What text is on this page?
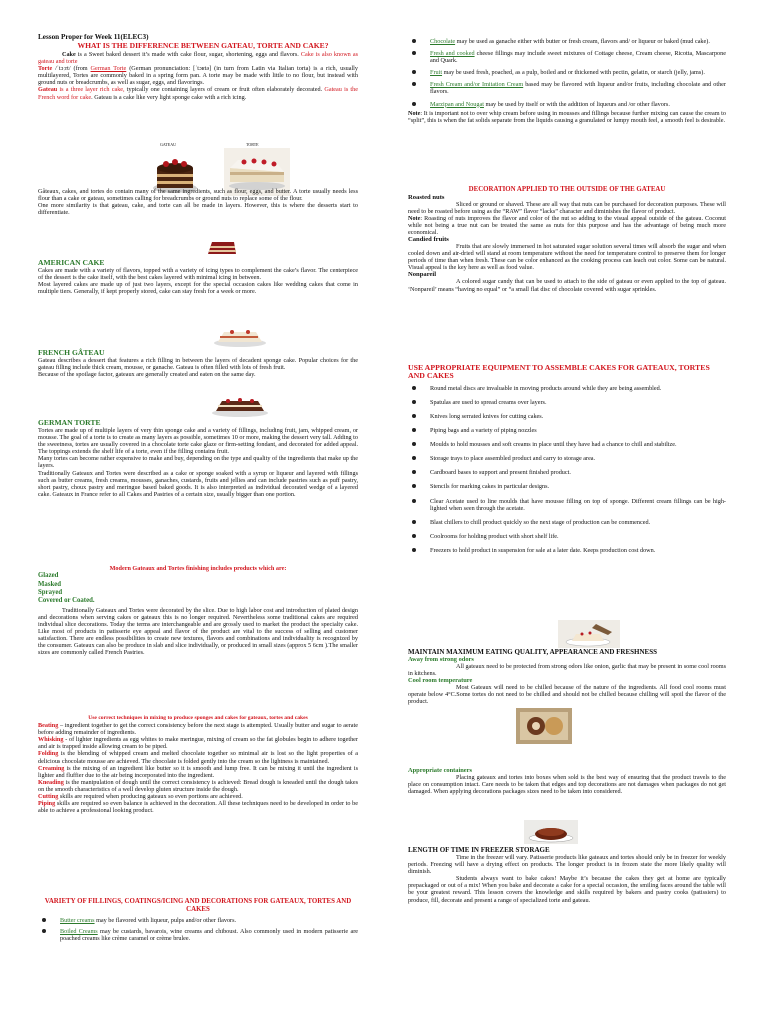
Lesson Proper for Week 11(ELEC3)
WHAT IS THE DIFFERENCE BETWEEN GATEAU, TORTE AND CAKE?

Cake is a Sweet baked dessert it’s made with cake flour, sugar, shortening, eggs and flavors. Cake is also known as gateau and torte

Torte /ˈtɔːrt/ (from German Torte (German pronunciation: [ˈtɔʁtə] (in turn from Latin via Italian torta) is a rich, usually multilayered, Tortes are commonly baked in a spring form pan. A torte may be made with little to no flour, but instead with ground nuts or breadcrumbs, as well as sugar, eggs, and flavorings.

Gateau is a three layer rich cake, typically one containing layers of cream or fruit often elaborately decorated. Gateau is the French word for cake. Gateau is a cake like very light sponge cake with a rich icing.

GATEAU	TORTE

Gâteaux, cakes, and tortes do contain many of the same ingredients, such as flour, eggs, and butter. A torte usually needs less flour than a cake or gateau, sometimes calling for breadcrumbs or ground nuts to replace some of the flour.
One more similarity is that gateau, cake, and torte can all be made in layers. However, this is where the desserts start to differentiate.

AMERICAN CAKE

Cakes are made with a variety of flavors, topped with a variety of icing types to complement the cake’s flavor. The centerpiece of the dessert is the cake itself, with the best cakes layered with minimal icing in between.
Most layered cakes are made up of just two layers, except for the special occasion cakes like wedding cakes that come in multiple tiers. Generally, if kept properly stored, cake can stay fresh for a week or more.

FRENCH GÂTEAU

Gateau describes a dessert that features a rich filling in between the layers of decadent sponge cake. Popular choices for the gateau filling include thick cream, mousse, or ganache. Gateau is often filled with lots of fresh fruit.
Because of the spoilage factor, gateaux are generally created and eaten on the same day.

GERMAN TORTE

Tortes are made up of multiple layers of very thin sponge cake and a variety of fillings, including fruit, jam, whipped cream, or mousse. The goal of a torte is to create as many layers as possible, sometimes 10 or more, making the dessert very tall. Adding to the sweetness, tortes are usually covered in a chocolate torte cake glaze or firm-setting fondant, and decorated for added appeal. The toppings extends the shelf life of a torte, even if the filling contains fruit.
Many tortes can become rather expensive to make and buy, depending on the type and quality of the ingredients that make up the layers.
Traditionally Gateaux and Tortes were described as a cake or sponge soaked with a syrup or liqueur and layered with fillings such as butter creams, fresh creams, mousses, ganaches, custards, fruits and jellies and can include pastries such as puff pastry, short pastry, choux pastry and meringue based baked goods. It is also interpreted as individual decorated wedge of a layered cake. Gateaux in France refer to all Cakes and Pastries of a certain size, usually bigger than one portion.

Modern Gateaux and Tortes finishing includes products which are:

Glazed

Masked

Sprayed

Covered or Coated.

Traditionally Gateaux and Tortes were decorated by the slice. Due to high labor cost and introduction of plated design and decorations when serving cakes or gateaux this is no longer required. Nevertheless some traditional cakes are required individual slice decorations. Today the terms are interchangeable and are grossly used to market the product the specialty cake. Like most of products in patisserie eye appeal and flavor of the product are vital to the success of selling and customer satisfaction. There are endless possibilities to create new textures, flavors and combinations and individuality is recognized by the consumer. Gateaux can also be produce in slab and slice individually, or produced in small sizes (approx 5 6cm ).The smaller sizes are commonly called French Pastries.

Use correct techniques in mixing to produce sponges and cakes for gateaux, tortes and cakes

Beating – ingredient together to get the correct consistency before the next stage is attempted. Usually butter and sugar to aerate before adding remainder of ingredients.

Whisking - of lighter ingredients as egg whites to make meringue, mixing of cream so the fat globules begin to adhere together and air is trapped inside allowing cream to be piped.

Folding is the blending of whipped cream and melted chocolate together so minimal air is lost so the light properties of a delicious chocolate mousse are achieved. The chocolate is folded gently into the cream so the lightness is maintained.

Creaming is the mixing of an ingredient like butter so it is smooth and lump free. It can be mixing it until the ingredient is lighter and fluffier due to the air being incorporated into the ingredient.

Kneading is the manipulation of dough until the correct consistency is achieved: Bread dough is kneaded until the dough takes on the smooth characteristics of a well develop gluten structure inside the dough.

Cutting skills are required when producing gateaux so even portions are achieved.

Piping skills are required so even balance is achieved in the decoration. All these techniques need to be developed in order to be able to achieve a professional looking product.

VARIETY OF FILLINGS, COATINGS/ICING AND DECORATIONS FOR GATEAUX, TORTES AND CAKES

Butter creams may be flavored with liqueur, pulps and/or other flavors.
Boiled Creams may be custards, bavarois, wine creams and chiboust. Also commonly used in modern patisserie are poached creams like crème caramel or crème brulee.
Chocolate may be used as ganache either with butter or fresh cream, flavors and/ or liqueur or baked (mud cake).
Fresh and cooked cheese fillings may include sweet mixtures of Cottage cheese, Cream cheese, Ricotta, Mascarpone and Quark.
Fruit may be used fresh, poached, as a pulp, boiled and or thickened with pectin, gelatin, or starch (jelly, jams).
Fresh Cream and/or Imitation Cream based may be flavored with liqueur and/or fruits, including chocolate and other flavors.
Marzipan and Nougat may be used by itself or with the addition of liqueurs and /or other flavors.

Note: It is important not to over whip cream before using in mousses and fillings because further mixing can cause the cream to “split”, this is when the fat solids separate from the liquids causing a granulated or lumpy mouth feel, a smooth feel is desirable.

DECORATION APPLIED TO THE OUTSIDE OF THE GATEAU

Roasted nuts

Sliced or ground or shaved. These are all way that nuts can be purchased for decoration purposes. These will need to be roasted before using as the “RAW” flavor “lacks” character and diminishes the flavor of product.

Note: Roasting of nuts improves the flavor and color of the nut so adding to the visual appeal outside of the gateau. Coconut while not being a true nut can be treated the same as nuts for this purpose and has the advantage of being much more economical.

Candied fruits

Fruits that are slowly immersed in hot saturated sugar solution several times will absorb the sugar and when cooled down and air-dried will stand at room temperature without the need for temperature control to preserve them for longer periods of time than when fresh. These can be color enhanced as the cooking process can leach out color. Some can be natural. Visual appeal is the key here as well as food value.

Nonpareil

A colored sugar candy that can be used to attach to the side of gateau or even applied to the top of gateau. ‘Nonpareil’ means “having no equal” or “a small flat disc of chocolate covered with sugar sprinkles.

USE APPROPRIATE EQUIPMENT TO ASSEMBLE CAKES FOR GATEAUX, TORTES AND CAKES

Round metal discs are invaluable in moving products around while they are being assembled.
Spatulas are used to spread creams over layers.
Knives long serrated knives for cutting cakes.
Piping bags and a variety of piping nozzles
Moulds to hold mousses and soft creams in place until they have had a chance to chill and stabilize.
Storage trays to place assembled product and carry to storage area.
Cardboard bases to support and present finished product.
Stencils for marking cakes in particular designs.
Clear Acetate used to line moulds that have mousse filling on top of sponge. Different cream fillings can be high-lighted when seen through the acetate.
Blast chillers to chill product quickly so the next stage of production can be commenced.
Coolrooms for holding product with short shelf life.
Freezers to hold product in suspension for sale at a later date. Keeps production cost down.

MAINTAIN MAXIMUM EATING QUALITY, APPEARANCE AND FRESHNESS

Away from strong odors

All gateaux need to be protected from strong odors like onion, garlic that may be present in some cool rooms in kitchens.

Cool room temperature

Most Gateaux will need to be chilled because of the nature of the ingredients. All food cool rooms must operate below 4°C.Some tortes do not need to be chilled and should not be chilled because chilling will spoil the flavor of the product.

Appropriate containers

Placing gateaux and tortes into boxes when sold is the best way of ensuring that the product travels to the place on consumption intact. Care needs to be taken that edges and top decorations are not damages when packages do not get damaged. When applying decorations packages sizes need to be taken into considered.

LENGTH OF TIME IN FREEZER STORAGE

Time in the freezer will vary. Patisserie products like gateaux and tortes should only be in freezer for weekly periods. Freezing will have a drying effect on products. The longer product is in frozen state the more likely quality will diminish.

Students always want to bake cakes! Maybe it’s because the cakes they get at home are typically prepackaged or out of a mix! When you bake and decorate a cake for a special occasion, the smiling faces around the table will be your greatest reward. This lesson covers the knowledge and skills required by bakers and pastry cooks (patissiers) to produce, fill, decorate and present a range of specialized torte and gateau.
